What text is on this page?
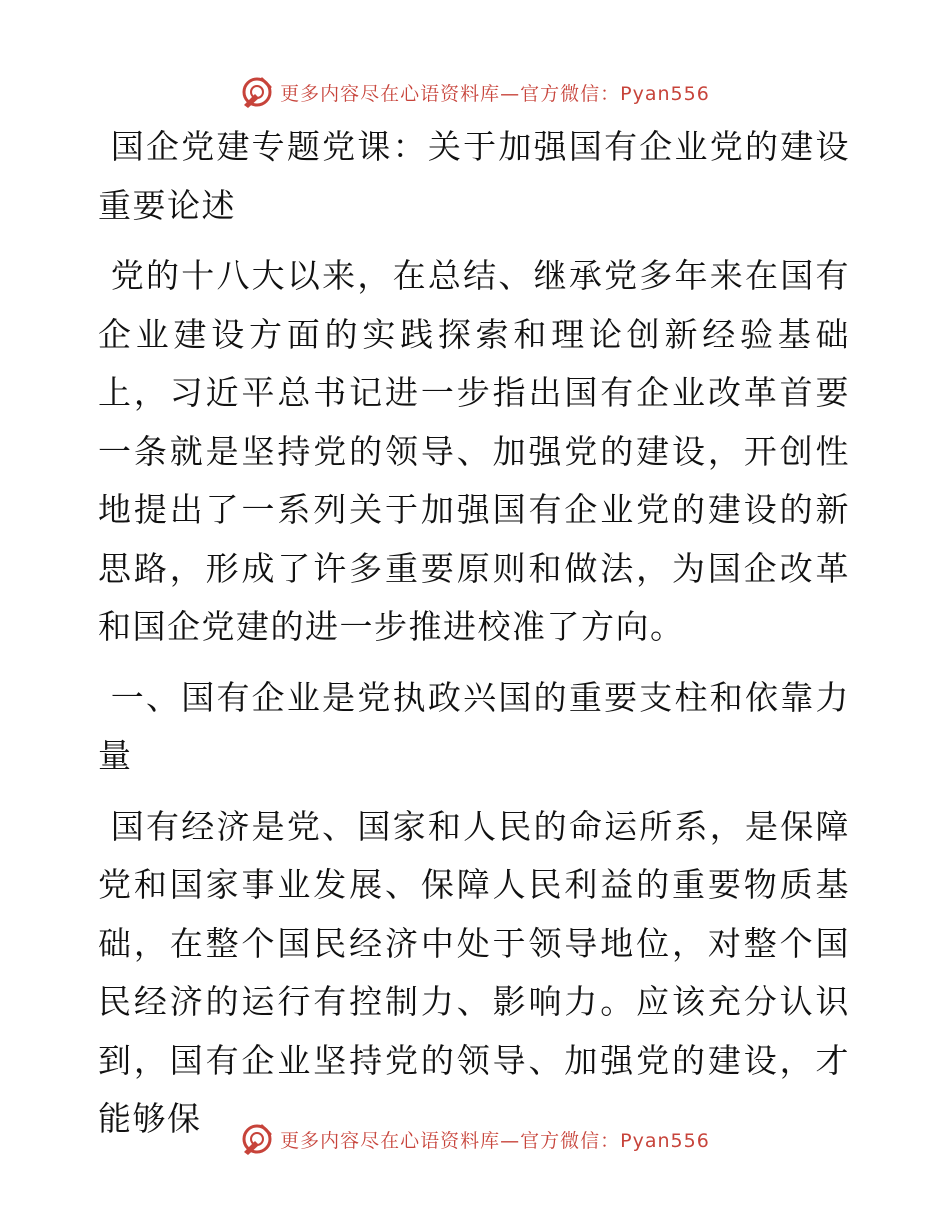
更多内容尽在心语资料库—官方微信：Pyan556

国企党建专题党课：关于加强国有企业党的建设重要论述

党的十八大以来，在总结、继承党多年来在国有企业建设方面的实践探索和理论创新经验基础上，习近平总书记进一步指出国有企业改革首要一条就是坚持党的领导、加强党的建设，开创性地提出了一系列关于加强国有企业党的建设的新思路，形成了许多重要原则和做法，为国企改革和国企党建的进一步推进校准了方向。

一、国有企业是党执政兴国的重要支柱和依靠力量

国有经济是党、国家和人民的命运所系，是保障党和国家事业发展、保障人民利益的重要物质基础，在整个国民经济中处于领导地位，对整个国民经济的运行有控制力、影响力。应该充分认识到，国有企业坚持党的领导、加强党的建设，才能够保

更多内容尽在心语资料库—官方微信：Pyan556
